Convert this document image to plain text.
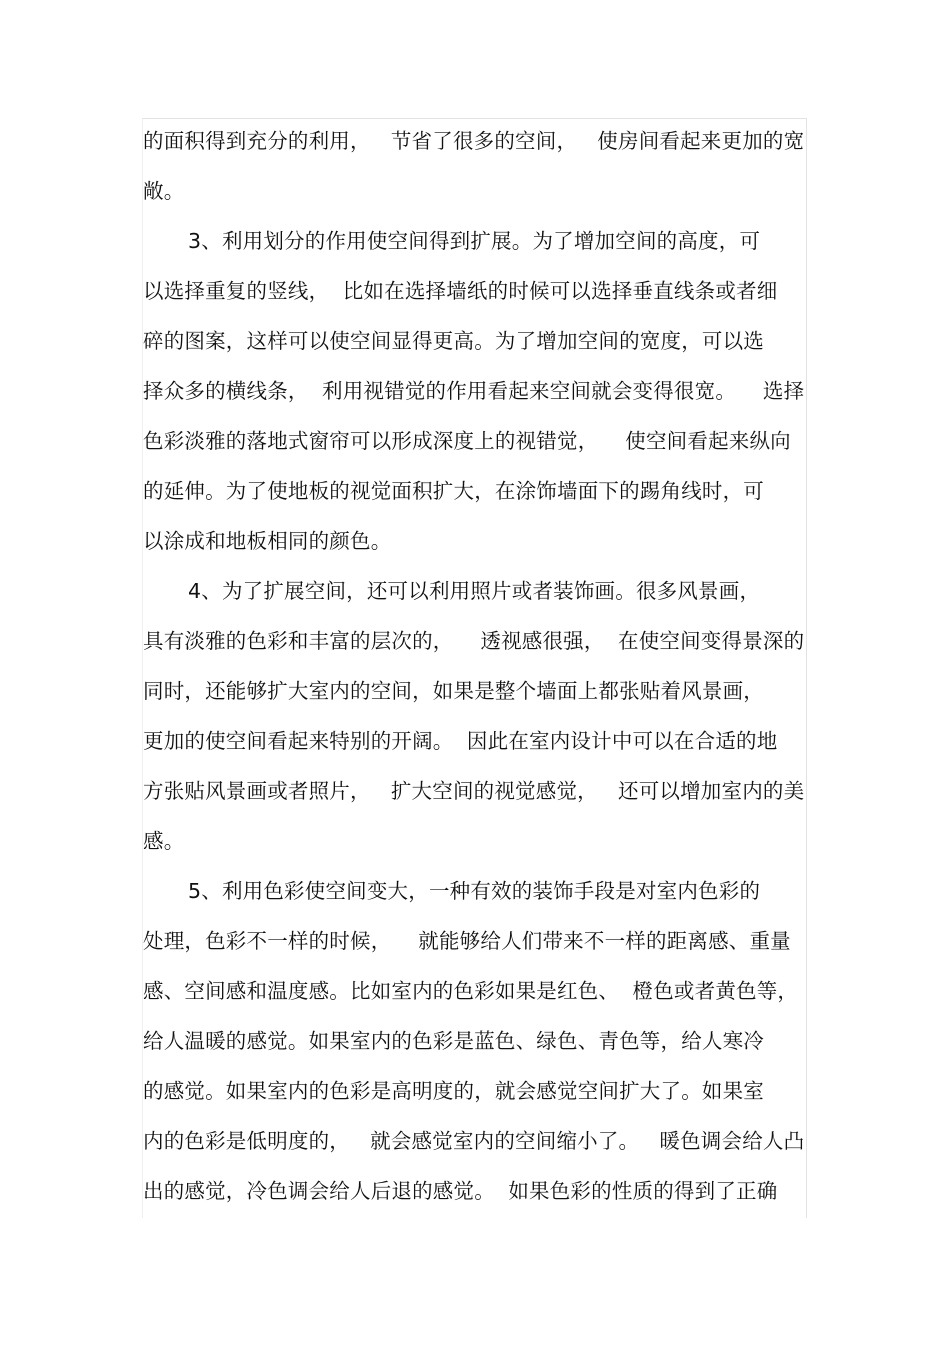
的面积得到充分的利用，   节省了很多的空间，   使房间看起来更加的宽
敞。
3、利用划分的作用使空间得到扩展。为了增加空间的高度，可
以选择重复的竖线，  比如在选择墙纸的时候可以选择垂直线条或者细
碎的图案，这样可以使空间显得更高。为了增加空间的宽度，可以选
择众多的横线条，  利用视错觉的作用看起来空间就会变得很宽。    选择
色彩淡雅的落地式窗帘可以形成深度上的视错觉，    使空间看起来纵向
的延伸。为了使地板的视觉面积扩大，在涂饰墙面下的踢角线时，可
以涂成和地板相同的颜色。
4、为了扩展空间，还可以利用照片或者装饰画。很多风景画，
具有淡雅的色彩和丰富的层次的，    透视感很强，  在使空间变得景深的
同时，还能够扩大室内的空间，如果是整个墙面上都张贴着风景画，
更加的使空间看起来特别的开阔。  因此在室内设计中可以在合适的地
方张贴风景画或者照片，   扩大空间的视觉感觉，   还可以增加室内的美
感。
5、利用色彩使空间变大，一种有效的装饰手段是对室内色彩的
处理，色彩不一样的时候，    就能够给人们带来不一样的距离感、重量
感、空间感和温度感。比如室内的色彩如果是红色、  橙色或者黄色等，
给人温暖的感觉。如果室内的色彩是蓝色、绿色、青色等，给人寒冷
的感觉。如果室内的色彩是高明度的，就会感觉空间扩大了。如果室
内的色彩是低明度的，   就会感觉室内的空间缩小了。   暖色调会给人凸
出的感觉，冷色调会给人后退的感觉。  如果色彩的性质的得到了正确
